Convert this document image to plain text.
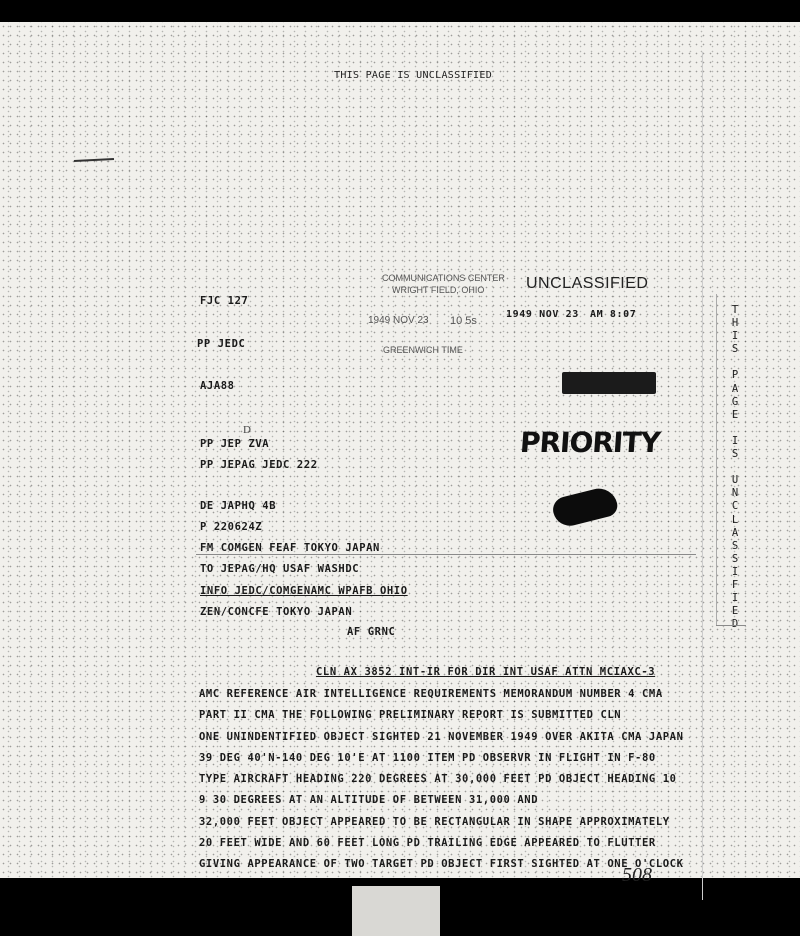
THIS PAGE IS UNCLASSIFIED
COMMUNICATIONS CENTER
WRIGHT FIELD, OHIO
1949 NOV 23 10 5s
GREENWICH TIME
UNCLASSIFIED
1949 NOV 23 AM 8:07
PRIORITY
T
H
I
S

P
A
G
E

I
S

U
N
C
L
A
S
S
I
F
I
E

FJC 127
PP JEDC
AJA88
D
PP JEP ZVA
PP JEPAG JEDC 222
DE JAPHQ 4B
P 220624Z
FM COMGEN FEAF TOKYO JAPAN
TO JEPAG/HQ USAF WASHDC
INFO JEDC/COMGENAMC WPAFB OHIO
ZEN/CONCFE TOKYO JAPAN
AF GRNC
CLN AX 3852 INT-IR FOR DIR INT USAF ATTN MCIAXC-3
AMC REFERENCE AIR INTELLIGENCE REQUIREMENTS MEMORANDUM NUMBER 4 CMA
PART II CMA THE FOLLOWING PRELIMINARY REPORT IS SUBMITTED CLN
ONE UNINDENTIFIED OBJECT SIGHTED 21 NOVEMBER 1949 OVER AKITA CMA JAPAN
39 DEG 40'N-140 DEG 10'E AT 1100 ITEM PD OBSERVR IN FLIGHT IN F-80
TYPE AIRCRAFT HEADING 220 DEGREES AT 30,000 FEET PD OBJECT HEADING 10
9 30 DEGREES AT AN ALTITUDE OF BETWEEN 31,000 AND
32,000 FEET OBJECT APPEARED TO BE RECTANGULAR IN SHAPE APPROXIMATELY
20 FEET WIDE AND 60 FEET LONG PD TRAILING EDGE APPEARED TO FLUTTER
GIVING APPEARANCE OF TWO TARGET PD OBJECT FIRST SIGHTED AT ONE O'CLOCK
508
